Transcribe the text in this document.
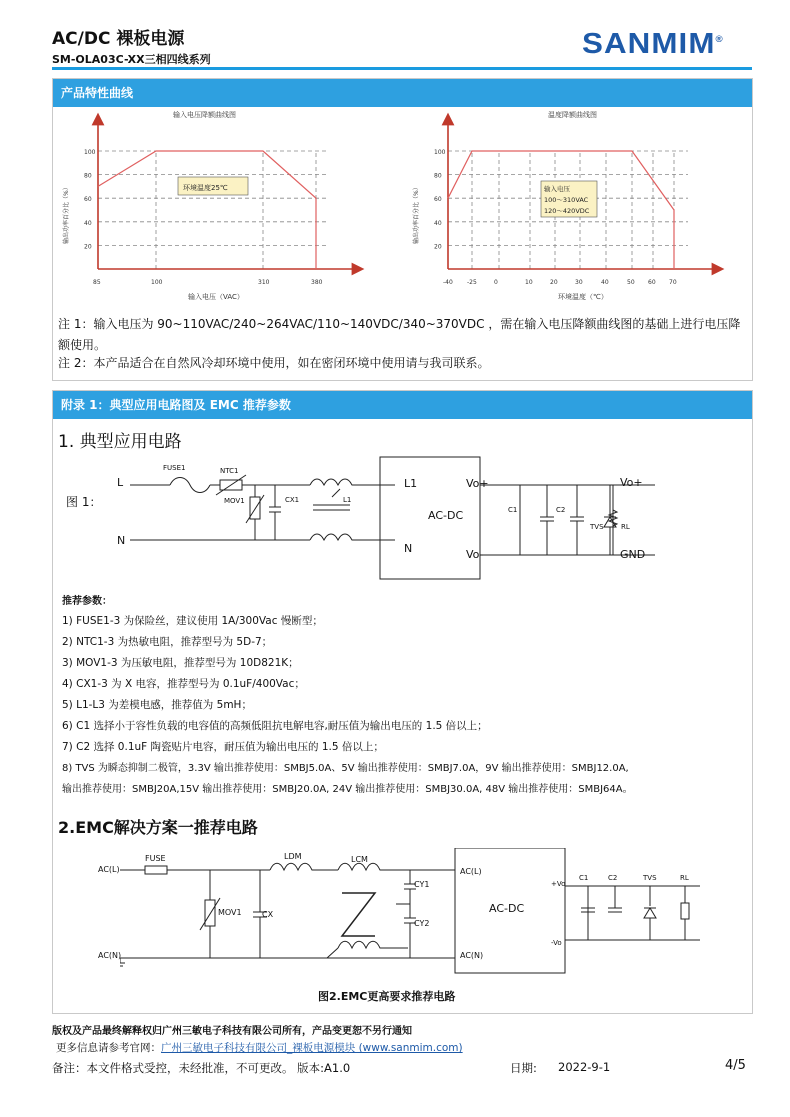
AC/DC 裸板电源
SM-OLA03C-XX三相四线系列	SANMIM®
产品特性曲线
输入电压降额曲线图
20
40
60
80
100
85	100	310	380
输入电压（VAC）
输出功率百分比（%）	环境温度25℃
温度降额曲线图
20
40
60
80
100
-40 -25	0	10	20	30	40	50 60 70
环境温度（℃）
输出功率百分比（%）	输入电压
100～310VAC
120～420VDC
注 1：输入电压为 90~110VAC/240~264VAC/110~140VDC/340~370VDC ，需在输入电压降额曲线图的基础上进行电压降额使用。
注 2：本产品适合在自然风冷却环境中使用，如在密闭环境中使用请与我司联系。
附录 1：典型应用电路图及 EMC 推荐参数
1. 典型应用电路
图 1：
L
N
FUSE1	NTC1
MOV1	CX1	L1
L1
N
AC-DC
Vo+
Vo-
C1	C2
TVS RL
Vo+
GND
推荐参数：
1) FUSE1-3 为保险丝，建议使用 1A/300Vac 慢断型；
2) NTC1-3 为热敏电阻，推荐型号为 5D-7；
3) MOV1-3 为压敏电阻，推荐型号为 10D821K；
4) CX1-3 为 X 电容，推荐型号为 0.1uF/400Vac；
5) L1-L3 为差模电感，推荐值为 5mH；
6) C1 选择小于容性负载的电容值的高频低阻抗电解电容,耐压值为输出电压的 1.5 倍以上；
7) C2 选择 0.1uF 陶瓷贴片电容，耐压值为输出电压的 1.5 倍以上；
8) TVS 为瞬态抑制二极管，3.3V 输出推荐使用：SMBJ5.0A、5V 输出推荐使用：SMBJ7.0A，9V 输出推荐使用：SMBJ12.0A,
输出推荐使用：SMBJ20A,15V 输出推荐使用：SMBJ20.0A, 24V 输出推荐使用：SMBJ30.0A, 48V 输出推荐使用：SMBJ64A。
2.EMC解决方案一推荐电路
AC(L)
AC(N)
FUSE	LDM	LCM
MOV1	CX
CY1
CY2
AC(L)
AC(N)
AC-DC
+Vo
-Vo
C1	C2	TVS	RL
图2.EMC更高要求推荐电路
版权及产品最终解释权归广州三敏电子科技有限公司所有，产品变更恕不另行通知
更多信息请参考官网：广州三敏电子科技有限公司_裸板电源模块 (www.sanmim.com)
备注：本文件格式受控，未经批准，不可更改。 版本:A1.0	日期: 2022-9-1	4/5
